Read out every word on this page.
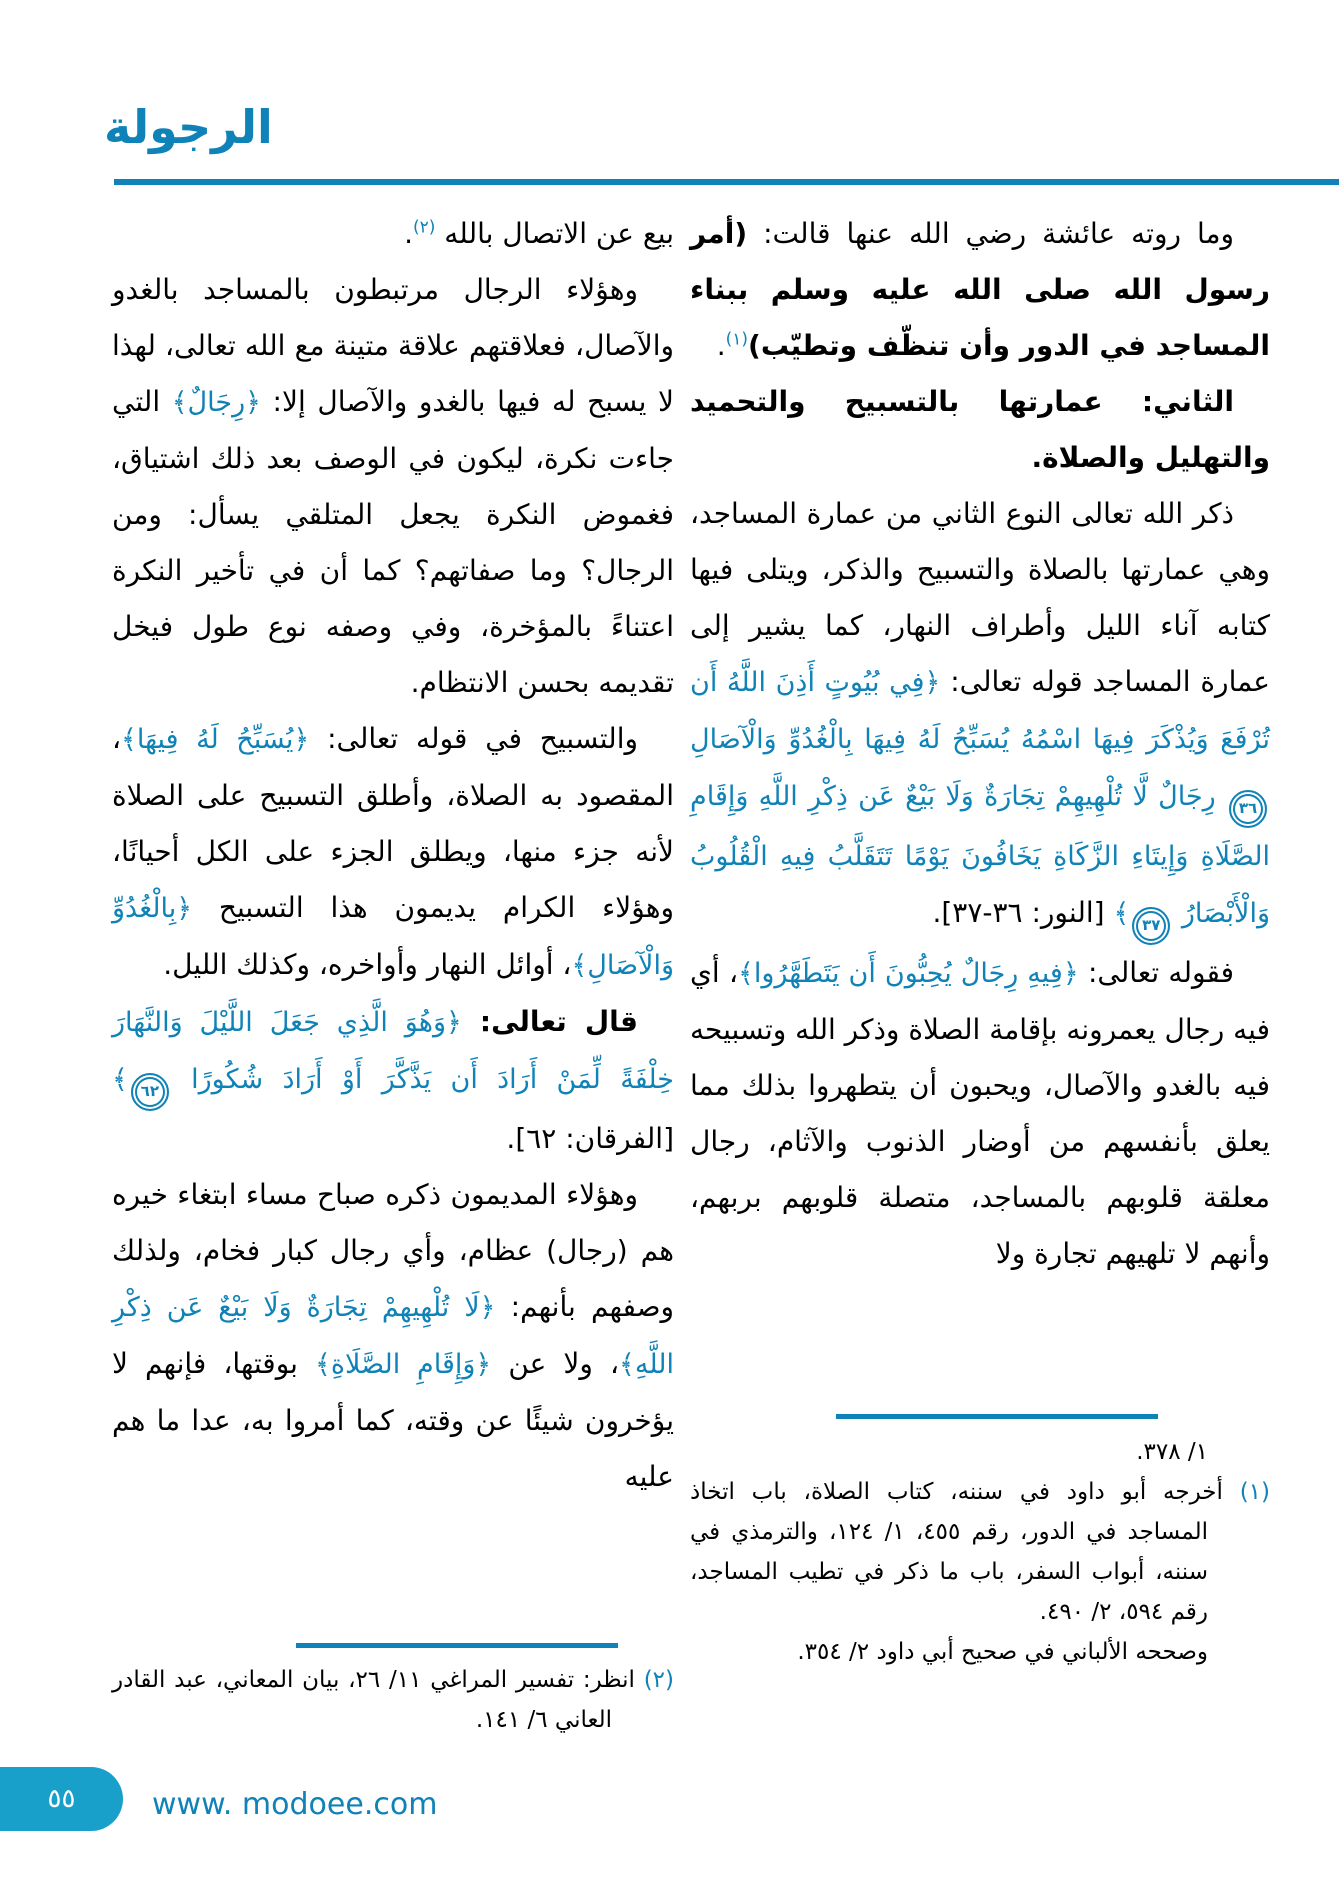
الرجولة

وما روته عائشة رضي الله عنها قالت: (أمر رسول الله صلى الله عليه وسلم ببناء المساجد في الدور وأن تنظّف وتطيّب)$^{(١)}$.

الثاني: عمارتها بالتسبيح والتحميد والتهليل والصلاة.

ذكر الله تعالى النوع الثاني من عمارة المساجد، وهي عمارتها بالصلاة والتسبيح والذكر، ويتلى فيها كتابه آناء الليل وأطراف النهار، كما يشير إلى عمارة المساجد قوله تعالى: ﴿فِي بُيُوتٍ أَذِنَ اللَّهُ أَن تُرْفَعَ وَيُذْكَرَ فِيهَا اسْمُهُ يُسَبِّحُ لَهُ فِيهَا بِالْغُدُوِّ وَالْآصَالِ ٣٦ رِجَالٌ لَّا تُلْهِيهِمْ تِجَارَةٌ وَلَا بَيْعٌ عَن ذِكْرِ اللَّهِ وَإِقَامِ الصَّلَاةِ وَإِيتَاءِ الزَّكَاةِ يَخَافُونَ يَوْمًا تَتَقَلَّبُ فِيهِ الْقُلُوبُ وَالْأَبْصَارُ ٣٧﴾ [النور: ٣٦-٣٧].

فقوله تعالى: ﴿فِيهِ رِجَالٌ يُحِبُّونَ أَن يَتَطَهَّرُوا﴾، أي فيه رجال يعمرونه بإقامة الصلاة وذكر الله وتسبيحه فيه بالغدو والآصال، ويحبون أن يتطهروا بذلك مما يعلق بأنفسهم من أوضار الذنوب والآثام، رجال معلقة قلوبهم بالمساجد، متصلة قلوبهم بربهم، وأنهم لا تلهيهم تجارة ولا

بيع عن الاتصال بالله $^{(٢)}$.

وهؤلاء الرجال مرتبطون بالمساجد بالغدو والآصال، فعلاقتهم علاقة متينة مع الله تعالى، لهذا لا يسبح له فيها بالغدو والآصال إلا: ﴿رِجَالٌ﴾ التي جاءت نكرة، ليكون في الوصف بعد ذلك اشتياق، فغموض النكرة يجعل المتلقي يسأل: ومن الرجال؟ وما صفاتهم؟ كما أن في تأخير النكرة اعتناءً بالمؤخرة، وفي وصفه نوع طول فيخل تقديمه بحسن الانتظام.

والتسبيح في قوله تعالى: ﴿يُسَبِّحُ لَهُ فِيهَا﴾، المقصود به الصلاة، وأطلق التسبيح على الصلاة لأنه جزء منها، ويطلق الجزء على الكل أحيانًا، وهؤلاء الكرام يديمون هذا التسبيح ﴿بِالْغُدُوِّ وَالْآصَالِ﴾، أوائل النهار وأواخره، وكذلك الليل.

قال تعالى: ﴿وَهُوَ الَّذِي جَعَلَ اللَّيْلَ وَالنَّهَارَ خِلْفَةً لِّمَنْ أَرَادَ أَن يَذَّكَّرَ أَوْ أَرَادَ شُكُورًا ٦٢﴾ [الفرقان: ٦٢].

وهؤلاء المديمون ذكره صباح مساء ابتغاء خيره هم (رجال) عظام، وأي رجال كبار فخام، ولذلك وصفهم بأنهم: ﴿لَا تُلْهِيهِمْ تِجَارَةٌ وَلَا بَيْعٌ عَن ذِكْرِ اللَّهِ﴾، ولا عن ﴿وَإِقَامِ الصَّلَاةِ﴾ بوقتها، فإنهم لا يؤخرون شيئًا عن وقته، كما أمروا به، عدا ما هم عليه

١/ ٣٧٨.
(١) أخرجه أبو داود في سننه، كتاب الصلاة، باب اتخاذ المساجد في الدور، رقم ٤٥٥، ١/ ١٢٤، والترمذي في سننه، أبواب السفر، باب ما ذكر في تطيب المساجد، رقم ٥٩٤، ٢/ ٤٩٠.
وصححه الألباني في صحيح أبي داود ٢/ ٣٥٤.
(٢) انظر: تفسير المراغي ١١/ ٢٦، بيان المعاني، عبد القادر العاني ٦/ ١٤١.
٥٥	www. modoee.com
